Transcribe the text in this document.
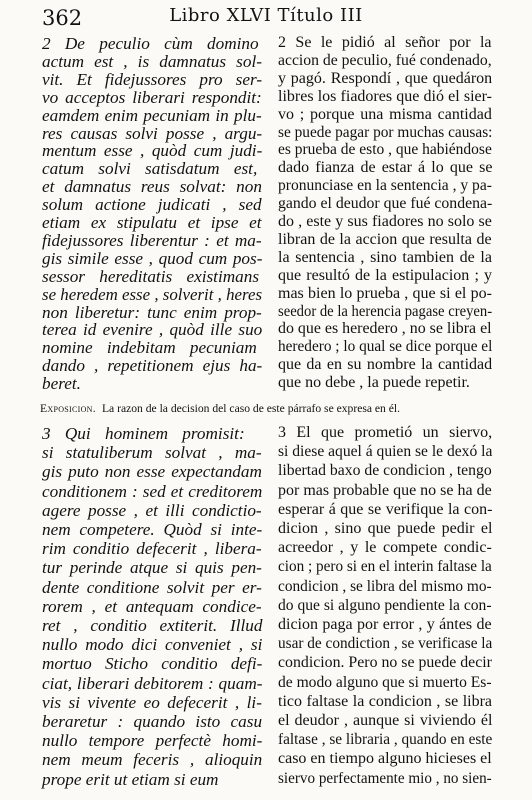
362	Libro XLVI Título III
2 De peculio cùm domino
actum est , is damnatus sol-
vit. Et fidejussores pro ser-
vo acceptos liberari respondit:
eamdem enim pecuniam in plu-
res causas solvi posse , argu-
mentum esse , quòd cum judi-
catum solvi satisdatum est,
et damnatus reus solvat: non
solum actione judicati , sed
etiam ex stipulatu et ipse et
fidejussores liberentur : et ma-
gis simile esse , quod cum pos-
sessor hereditatis existimans
se heredem esse , solverit , heres
non liberetur: tunc enim prop-
terea id evenire , quòd ille suo
nomine indebitam pecuniam
dando , repetitionem ejus ha-
beret.
2 Se le pidió al señor por la
accion de peculio, fué condenado,
y pagó. Respondí , que quedáron
libres los fiadores que dió el sier-
vo ; porque una misma cantidad
se puede pagar por muchas causas:
es prueba de esto , que habiéndose
dado fianza de estar á lo que se
pronunciase en la sentencia , y pa-
gando el deudor que fué condena-
do , este y sus fiadores no solo se
libran de la accion que resulta de
la sentencia , sino tambien de la
que resultó de la estipulacion ; y
mas bien lo prueba , que si el po-
seedor de la herencia pagase creyen-
do que es heredero , no se libra el
heredero ; lo qual se dice porque el
que da en su nombre la cantidad
que no debe , la puede repetir.
Exposicion. La razon de la decision del caso de este párrafo se expresa en él.
3 Qui hominem promisit:
si statuliberum solvat , ma-
gis puto non esse expectandam
conditionem : sed et creditorem
agere posse , et illi condictio-
nem competere. Quòd si inte-
rim conditio defecerit , libera-
tur perinde atque si quis pen-
dente conditione solvit per er-
rorem , et antequam condice-
ret , conditio extiterit. Illud
nullo modo dici conveniet , si
mortuo Sticho conditio defi-
ciat, liberari debitorem : quam-
vis si vivente eo defecerit , li-
beraretur : quando isto casu
nullo tempore perfectè homi-
nem meum feceris , alioquin
prope erit ut etiam si eum
3 El que prometió un siervo,
si diese aquel á quien se le dexó la
libertad baxo de condicion , tengo
por mas probable que no se ha de
esperar á que se verifique la con-
dicion , sino que puede pedir el
acreedor , y le compete condic-
cion ; pero si en el interin faltase la
condicion , se libra del mismo mo-
do que si alguno pendiente la con-
dicion paga por error , y ántes de
usar de condiction , se verificase la
condicion. Pero no se puede decir
de modo alguno que si muerto Es-
tico faltase la condicion , se libra
el deudor , aunque si viviendo él
faltase , se libraria , quando en este
caso en tiempo alguno hicieses el
siervo perfectamente mio , no sien-
